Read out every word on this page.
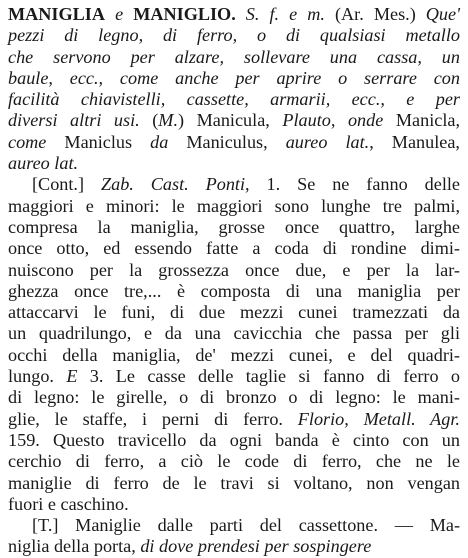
MANIGLIA e MANIGLIO. S. f. e m. (Ar. Mes.) Que'
pezzi di legno, di ferro, o di qualsiasi metallo
che servono per alzare, sollevare una cassa, un
baule, ecc., come anche per aprire o serrare con
facilità chiavistelli, cassette, armarii, ecc., e per
diversi altri usi. (M.) Manicula, Plauto, onde Manicla,
come Maniclus da Maniculus, aureo lat., Manulea,
aureo lat.
[Cont.] Zab. Cast. Ponti, 1. Se ne fanno delle
maggiori e minori: le maggiori sono lunghe tre palmi,
compresa la maniglia, grosse once quattro, larghe
once otto, ed essendo fatte a coda di rondine dimi-
nuiscono per la grossezza once due, e per la lar-
ghezza once tre,... è composta di una maniglia per
attaccarvi le funi, di due mezzi cunei tramezzati da
un quadrilungo, e da una cavicchia che passa per gli
occhi della maniglia, de' mezzi cunei, e del quadri-
lungo. E 3. Le casse delle taglie si fanno di ferro o
di legno: le girelle, o di bronzo o di legno: le mani-
glie, le staffe, i perni di ferro. Florio, Metall. Agr.
159. Questo travicello da ogni banda è cinto con un
cerchio di ferro, a ciò le code di ferro, che ne le
maniglie di ferro de le travi si voltano, non vengan
fuori e caschino.
[T.] Maniglie dalle parti del cassettone. — Ma-
niglia della porta, di dove prendesi per sospingere
